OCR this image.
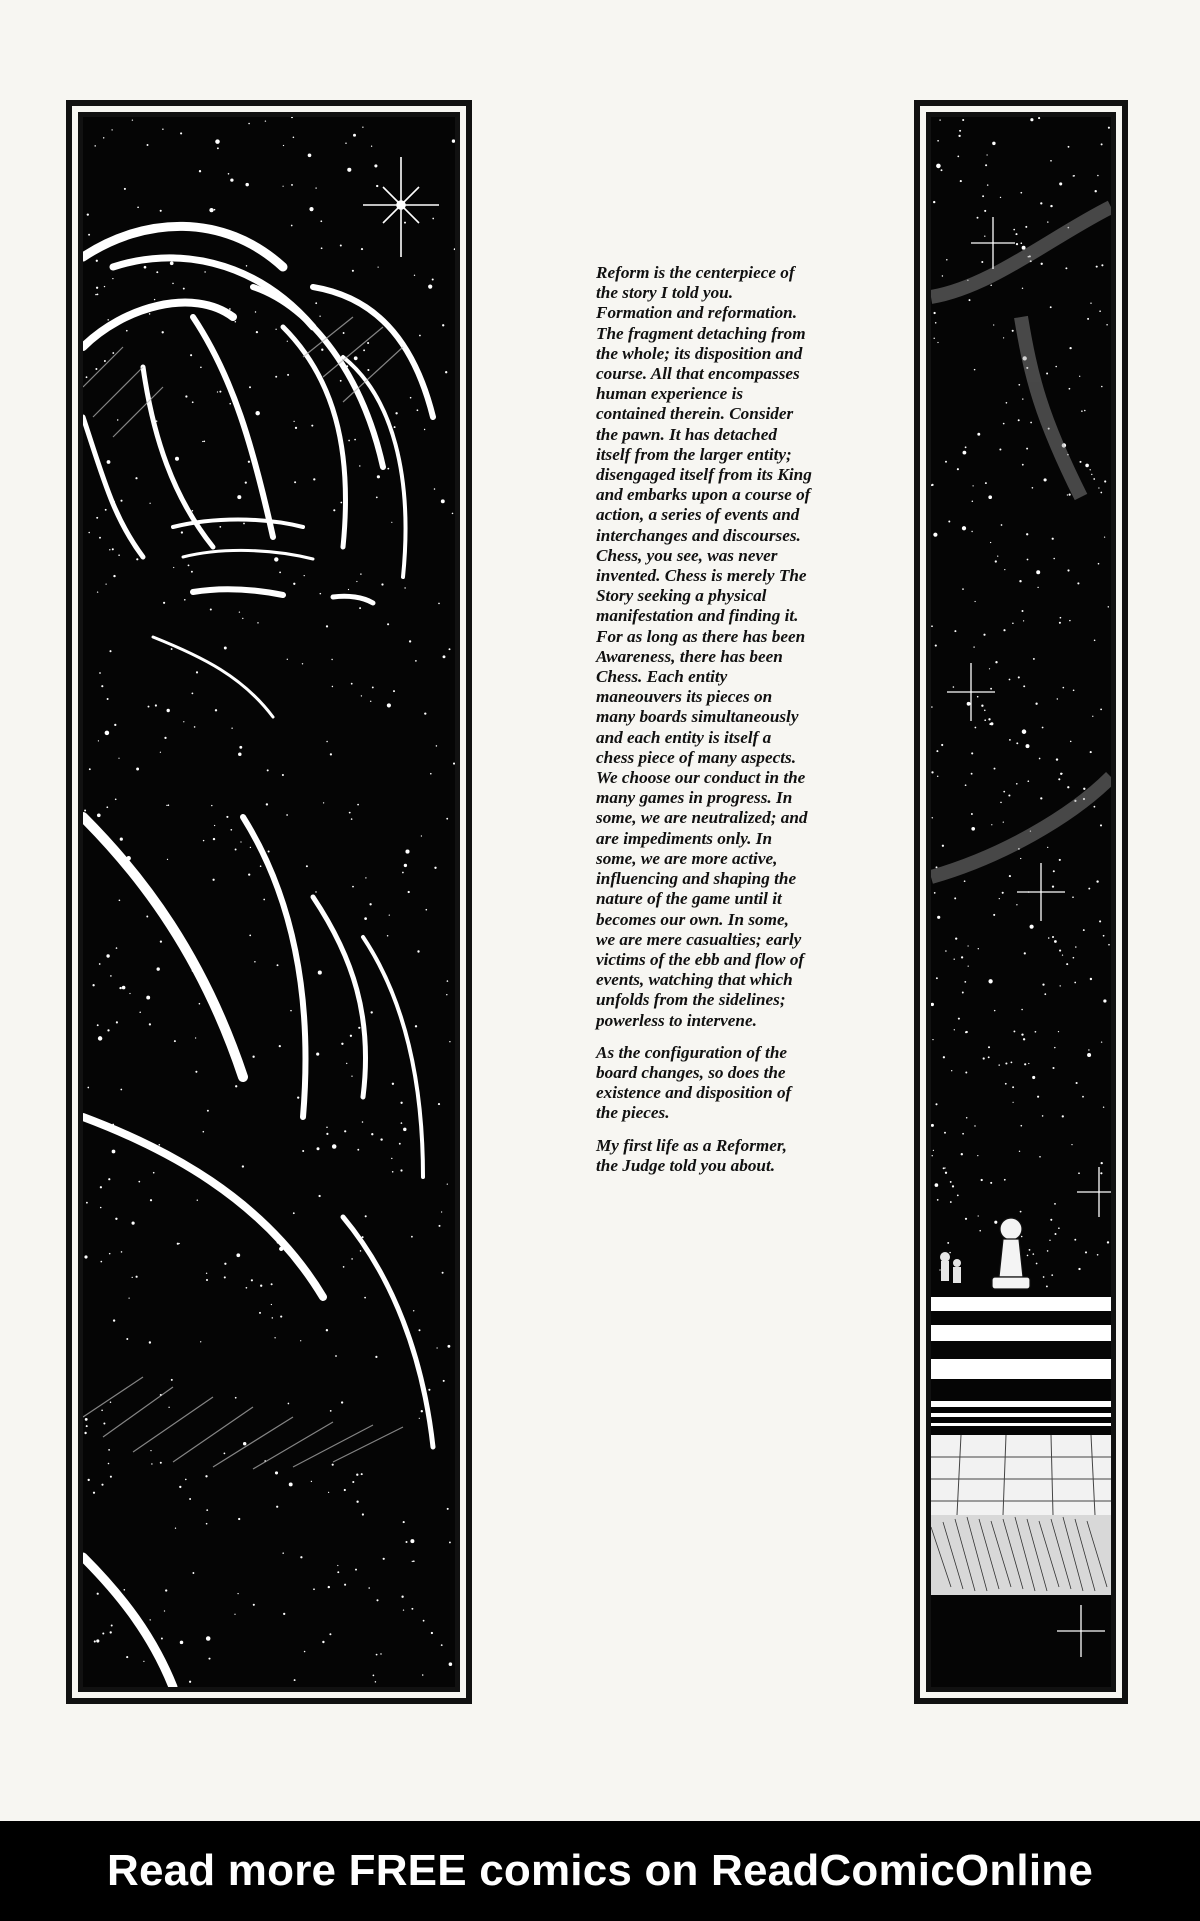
Reform is the centerpiece of the story I told you. Formation and reformation. The fragment detaching from the whole; its disposition and course. All that encompasses human experience is contained therein. Consider the pawn. It has detached itself from the larger entity; disengaged itself from its King and embarks upon a course of action, a series of events and interchanges and discourses. Chess, you see, was never invented. Chess is merely The Story seeking a physical manifestation and finding it. For as long as there has been Awareness, there has been Chess. Each entity maneouvers its pieces on many boards simultaneously and each entity is itself a chess piece of many aspects. We choose our conduct in the many games in progress. In some, we are neutralized; and are impediments only. In some, we are more active, influencing and shaping the nature of the game until it becomes our own. In some, we are mere casualties; early victims of the ebb and flow of events, watching that which unfolds from the sidelines; powerless to intervene.

As the configuration of the board changes, so does the existence and disposition of the pieces.

My first life as a Reformer, the Judge told you about.

Read more FREE comics on ReadComicOnline
